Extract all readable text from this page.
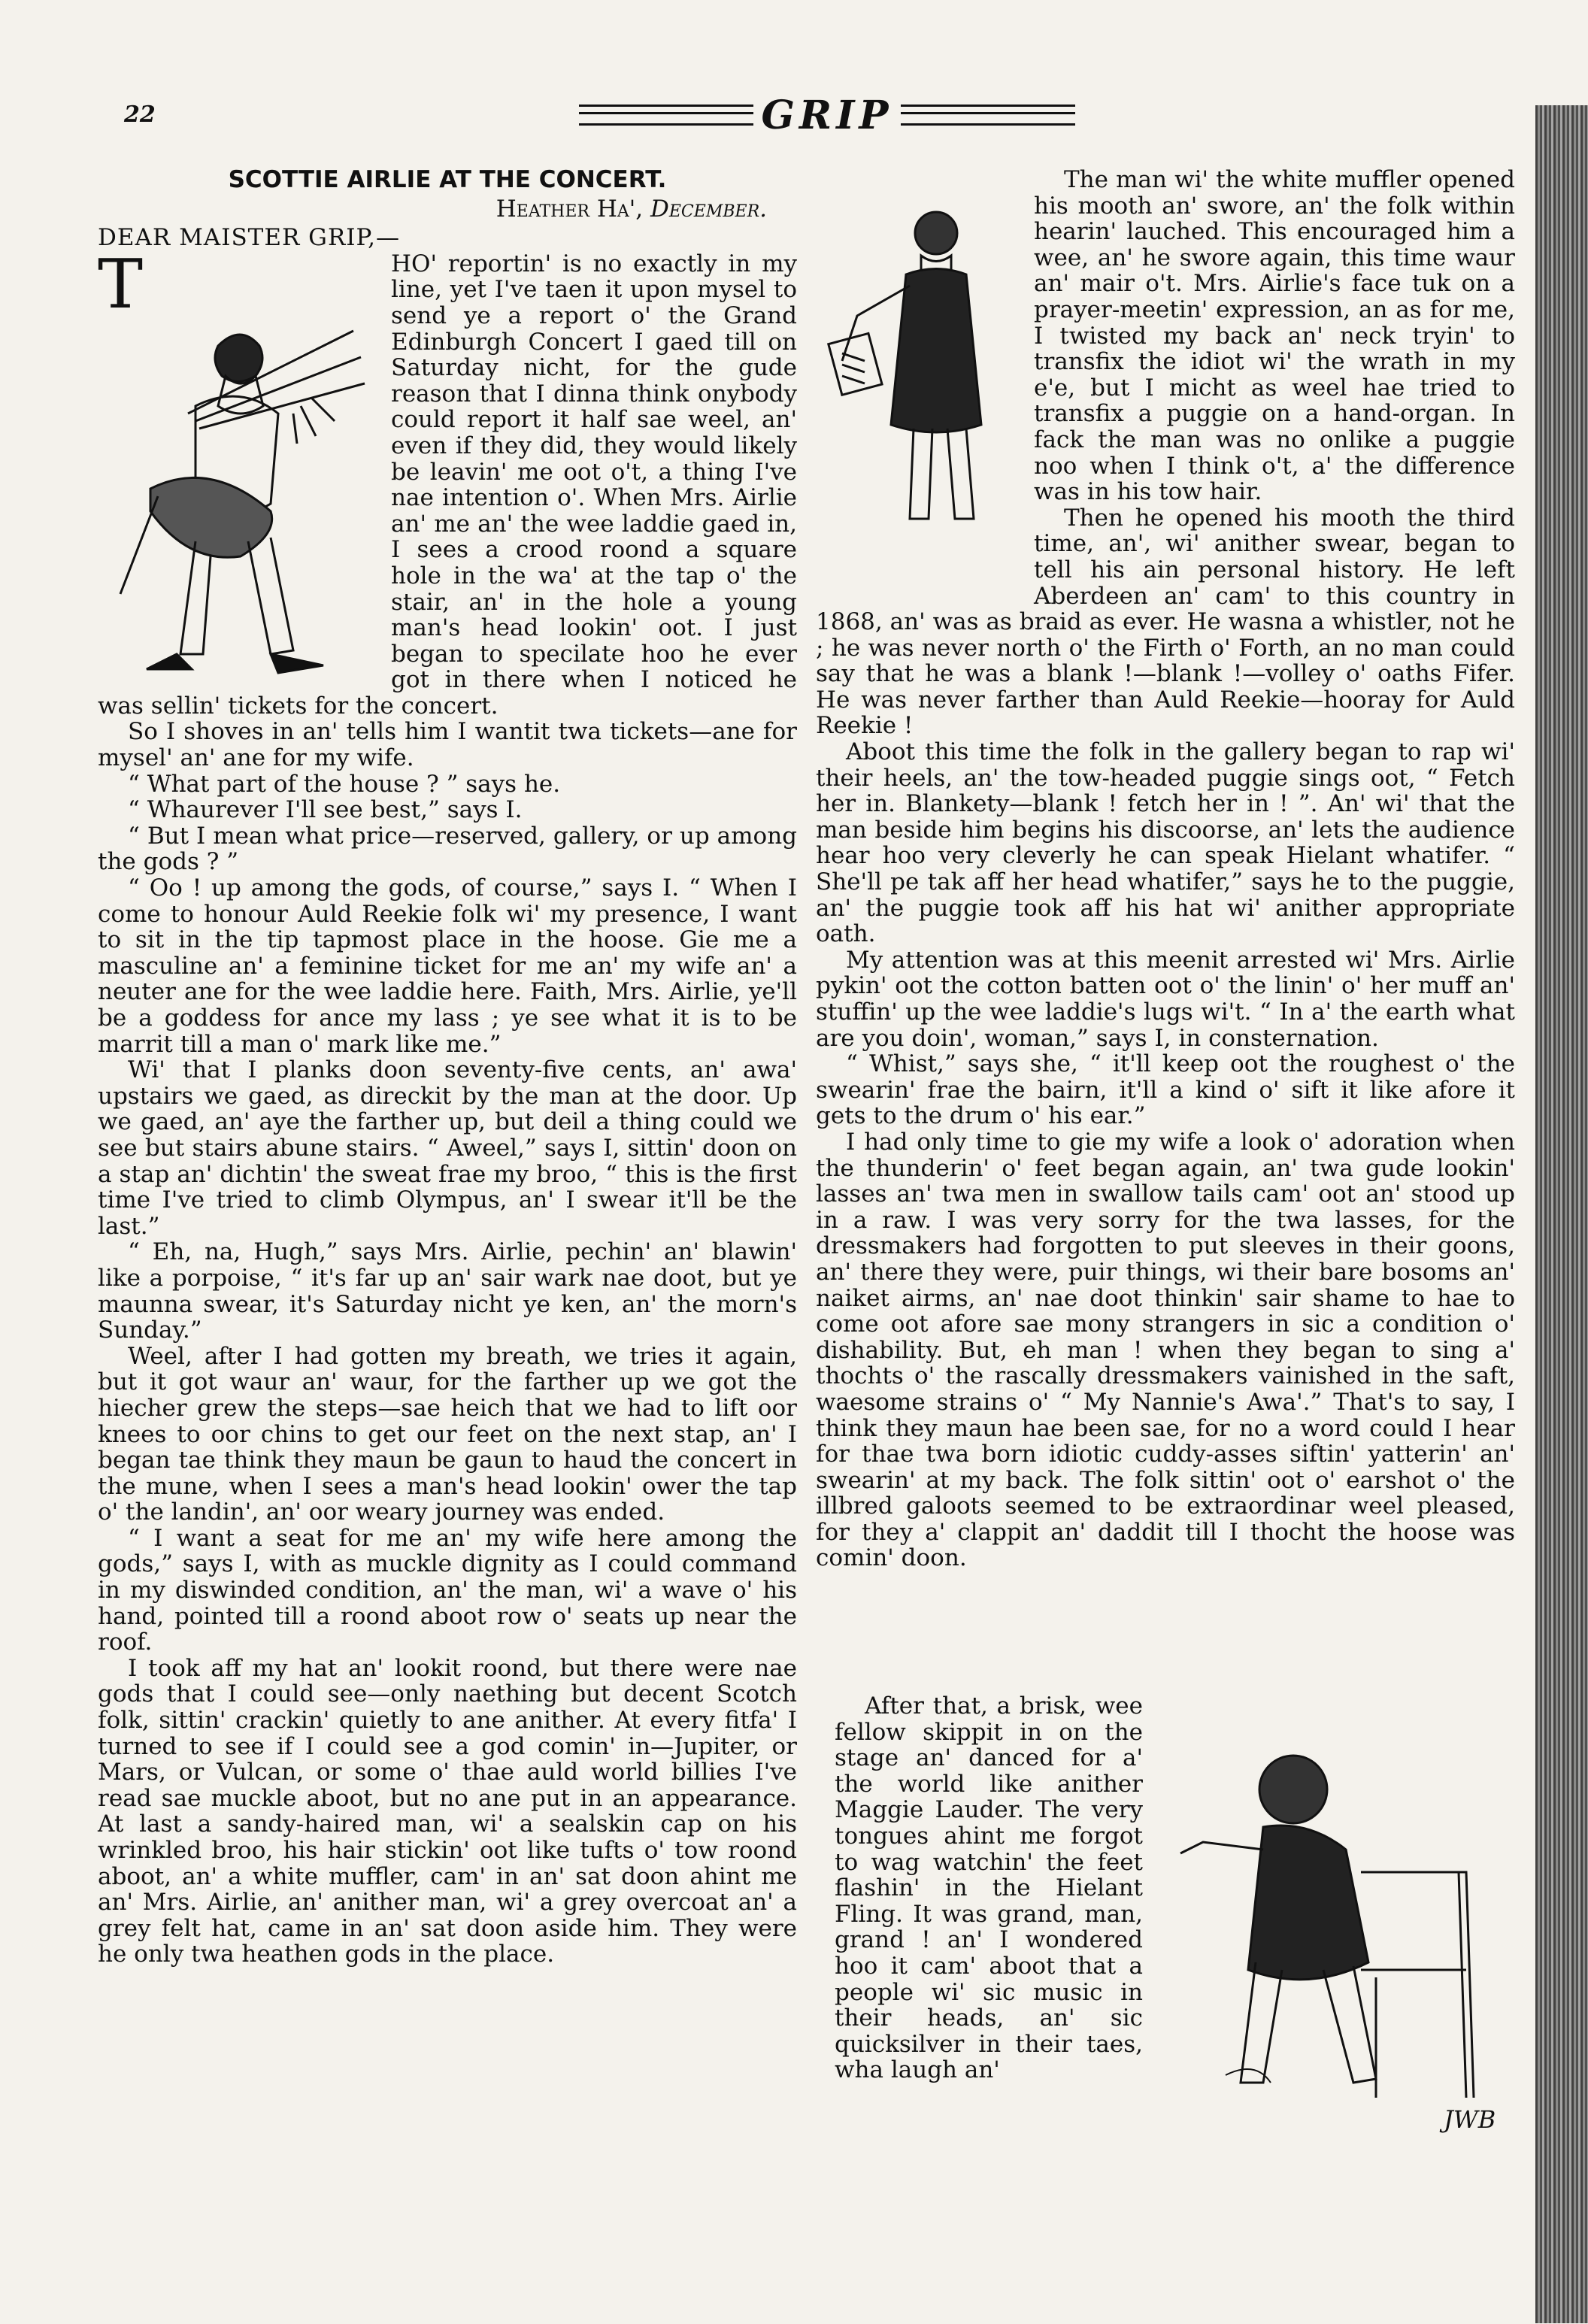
22	GRIP
SCOTTIE AIRLIE AT THE CONCERT.
Heather Ha', December.
DEAR MAISTER GRIP,—

T	HO' reportin' is no exactly in my line, yet I've taen it upon mysel to send ye a report o' the Grand Edinburgh Concert I gaed till on Saturday nicht, for the gude reason that I dinna think onybody could report it half sae weel, an' even if they did, they would likely be leavin' me oot o't, a thing I've nae intention o'. When Mrs. Airlie an' me an' the wee laddie gaed in, I sees a crood roond a square hole in the wa' at the tap o' the stair, an' in the hole a young man's head lookin' oot. I just began to specilate hoo he ever got in there when I noticed he was sellin' tickets for the concert.

So I shoves in an' tells him I wantit twa tickets—ane for mysel' an' ane for my wife.

“ What part of the house ? ” says he.

“ Whaurever I'll see best,” says I.

“ But I mean what price—reserved, gallery, or up among the gods ? ”

“ Oo ! up among the gods, of course,” says I. “ When I come to honour Auld Reekie folk wi' my presence, I want to sit in the tip tapmost place in the hoose. Gie me a masculine an' a feminine ticket for me an' my wife an' a neuter ane for the wee laddie here. Faith, Mrs. Airlie, ye'll be a goddess for ance my lass ; ye see what it is to be marrit till a man o' mark like me.”

Wi' that I planks doon seventy-five cents, an' awa' upstairs we gaed, as direckit by the man at the door. Up we gaed, an' aye the farther up, but deil a thing could we see but stairs abune stairs. “ Aweel,” says I, sittin' doon on a stap an' dichtin' the sweat frae my broo, “ this is the first time I've tried to climb Olympus, an' I swear it'll be the last.”

“ Eh, na, Hugh,” says Mrs. Airlie, pechin' an' blawin' like a porpoise, “ it's far up an' sair wark nae doot, but ye maunna swear, it's Saturday nicht ye ken, an' the morn's Sunday.”

Weel, after I had gotten my breath, we tries it again, but it got waur an' waur, for the farther up we got the hiecher grew the steps—sae heich that we had to lift oor knees to oor chins to get our feet on the next stap, an' I began tae think they maun be gaun to haud the concert in the mune, when I sees a man's head lookin' ower the tap o' the landin', an' oor weary journey was ended.

“ I want a seat for me an' my wife here among the gods,” says I, with as muckle dignity as I could command in my diswinded condition, an' the man, wi' a wave o' his hand, pointed till a roond aboot row o' seats up near the roof.

I took aff my hat an' lookit roond, but there were nae gods that I could see—only naething but decent Scotch folk, sittin' crackin' quietly to ane anither. At every fitfa' I turned to see if I could see a god comin' in—Jupiter, or Mars, or Vulcan, or some o' thae auld world billies I've read sae muckle aboot, but no ane put in an appearance. At last a sandy-haired man, wi' a sealskin cap on his wrinkled broo, his hair stickin' oot like tufts o' tow roond aboot, an' a white muffler, cam' in an' sat doon ahint me an' Mrs. Airlie, an' anither man, wi' a grey overcoat an' a grey felt hat, came in an' sat doon aside him. They were he only twa heathen gods in the place.

The man wi' the white muffler opened his mooth an' swore, an' the folk within hearin' lauched. This encouraged him a wee, an' he swore again, this time waur an' mair o't. Mrs. Airlie's face tuk on a prayer-meetin' expression, an as for me, I twisted my back an' neck tryin' to transfix the idiot wi' the wrath in my e'e, but I micht as weel hae tried to transfix a puggie on a hand-organ. In fack the man was no onlike a puggie noo when I think o't, a' the difference was in his tow hair.

Then he opened his mooth the third time, an', wi' anither swear, began to tell his ain personal history. He left Aberdeen an' cam' to this country in 1868, an' was as braid as ever. He wasna a whistler, not he ; he was never north o' the Firth o' Forth, an no man could say that he was a blank !—blank !—volley o' oaths Fifer. He was never farther than Auld Reekie—hooray for Auld Reekie !

Aboot this time the folk in the gallery began to rap wi' their heels, an' the tow-headed puggie sings oot, “ Fetch her in. Blankety—blank ! fetch her in ! ”. An' wi' that the man beside him begins his discoorse, an' lets the audience hear hoo very cleverly he can speak Hielant whatifer. “ She'll pe tak aff her head whatifer,” says he to the puggie, an' the puggie took aff his hat wi' anither appropriate oath.

My attention was at this meenit arrested wi' Mrs. Airlie pykin' oot the cotton batten oot o' the linin' o' her muff an' stuffin' up the wee laddie's lugs wi't. “ In a' the earth what are you doin', woman,” says I, in consternation.

“ Whist,” says she, “ it'll keep oot the roughest o' the swearin' frae the bairn, it'll a kind o' sift it like afore it gets to the drum o' his ear.”

I had only time to gie my wife a look o' adoration when the thunderin' o' feet began again, an' twa gude lookin' lasses an' twa men in swallow tails cam' oot an' stood up in a raw. I was very sorry for the twa lasses, for the dressmakers had forgotten to put sleeves in their goons, an' there they were, puir things, wi their bare bosoms an' naiket airms, an' nae doot thinkin' sair shame to hae to come oot afore sae mony strangers in sic a condition o' dishability. But, eh man ! when they began to sing a' thochts o' the rascally dressmakers vainished in the saft, waesome strains o' “ My Nannie's Awa'.” That's to say, I think they maun hae been sae, for no a word could I hear for thae twa born idiotic cuddy-asses siftin' yatterin' an' swearin' at my back. The folk sittin' oot o' earshot o' the illbred galoots seemed to be extraordinar weel pleased, for they a' clappit an' daddit till I thocht the hoose was comin' doon.

After that, a brisk, wee fellow skippit in on the stage an' danced for a' the world like anither Maggie Lauder. The very tongues ahint me forgot to wag watchin' the feet flashin' in the Hielant Fling. It was grand, man, grand ! an' I wondered hoo it cam' aboot that a people wi' sic music in their heads, an' sic quicksilver in their taes, wha laugh an'

JWB
